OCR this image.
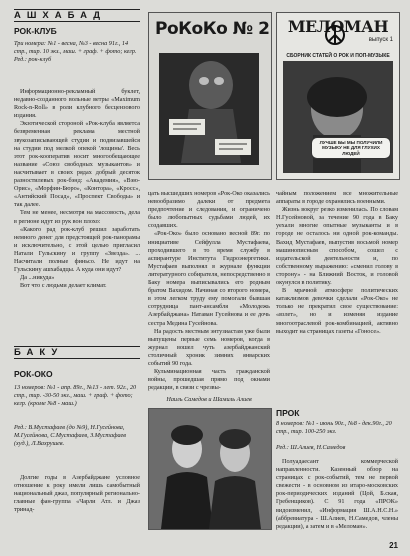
АШХАБАД
РОК-КЛУБ
Три номера: №1 - весна, №3 - весна 91г., 14 стр., тир. 10 экз., маш. + граф. + фото; кегр. Ред.: рок-клуб

Информационно-рекламный буклет, недавно-созданного вольные ветры «Maximum Rock-n-Roll» в роли клубного бесцензового издания.

Экзотической стороной «Рок-клуба являетса безвременная реклама местной звукозаписывающей студии и подвизавшейся на студии под мелкой опекой 'лощины'. Весь этот рок-кооператив носит многообещающее название «Союз свободных музыкантов» и насчитывает в своих рядах добрый десяток разностилевых рок-бэнд: «Академия», «Вэю-Орис», «Морфин-Бюро», «Контора», «Кросс», «Антийский Посад», «Проспект Свободы» и так далее.

Тем не менее, несмотря на массовость, дела в регионе идут из рук вон плохо:

«Какого рад рок-клуб решил заработать немного денег для предстоящей рок-панорамы и исключительно, с этой целью пригласил Натали Гульскину и группу «Звезда». ... Насчитали полные финьсо. Не идут на Гульскину ашхабадцы. А куда они идут?

Да ...никуда»

Вот что с людьми делает климат.

БАКУ
РОК-ОКО
13 номеров: №1 - апр. 89г., №13 - лет. 92г., 20 стр., тир. -30-50 экз., маш. + граф. + фото; кегр. (кроме №8 - маш.)
Ред.: В.Мустафаев (до №9), Н.Гусейнова, М.Гусейнова, С.Мустафаев, З.Мустафаев (худ.), Л.Вахрушев.

Долгие годы в Азербайджане условное отношение к року имели лишь самобытный национальный джаз, популярный регионально-главные фан-группа «Чарли Атл. и Джаз тринад-

РоКоКо № 2	МЕЛОМАН
выпуск 1
СБОРНИК СТАТЕЙ О РОК И ПОП-МУЗЫКЕ
ЛУЧШЕ БЫ МЫ ПОЛУЧИЛИ МУЗЫКУ НЕ ДЛЯ ГЛУХИХ ЛЮДЕЙ

цать высшедших номеров «Рок-Око оказались невообразимо далеки от предмета предпочтение и следования, и ограничено было любопытных судьбами людей, их создавших.

«Рок-Око» было основано весной 89г. по инициативе Сейфулла Мустафаева, проходившего в то время службу в аспирантуре Института Гидроэнергетики. Мустафаев выполнял в журнале функции литературного собирателя, непосредственно в Баку номера выписывались его родным братом Вахидом. Начиная со второго номера, в этом легком труду ему помогали бывшая сотрудница пант-ансамбля «Молодежь Азербайджана» Натаван Гусейнова и ее дочь сестра Медина Гусейнова.

На радость местным энтузиастам уже были выпущены первые семь номеров, когда в журнал вошел чуть азербайджанский столичный хроник зимних январских событий 90 года.

Кульминационная часть гражданской войны, прошедшая прямо под окнами редакции, в связи с чрезвы-

чайным положением все множительные аппараты в городе охранялись военными.

Жизнь вокруг резко изменилась. По словам Н.Гусейновой, за течение 90 года в Баку уехали многие опытные музыканты и в городе не осталось ни одной рок-команды. Вахид Мустафаев, выпустив восьмой номер машинописным способом, сошел с издательской деятельности и, по собственному выражению: «сменил голову в сторону» - на Ближний Восток, и головой окунулся в политику.

В мрачной атмосфере политических катаклизмов девочки сделали «Рок-Око» не только не прекратил свое существование: «взлет», но и изменяя издание многоотраслевой рок-комбинацией, активно выходит на страницах газеты «Гоносе».

Наиль Самедов и Шамиль Алиев
ПРОК
8 номеров: №1 - июнь 90г., №8 - дек.90г., 20 стр., тир. 100-250 экз.
Ред.: Ш.Алиев, Н.Самедов

Полуадаесант коммерческой направленности. Казенный обзор на страницах с рок-событий, тем не первой свежести - в основном из итаро-московских рок-периодических изданий (Цой, Б.ская, Гребенщиков). С 91 года «ПРОК» видоизменил, «Информация Ш.А.Н.С.Н.» (аббревиатура - Ш.Алиев, Н.Самедов, члены редакции), а затем и в «Меломан».

21
